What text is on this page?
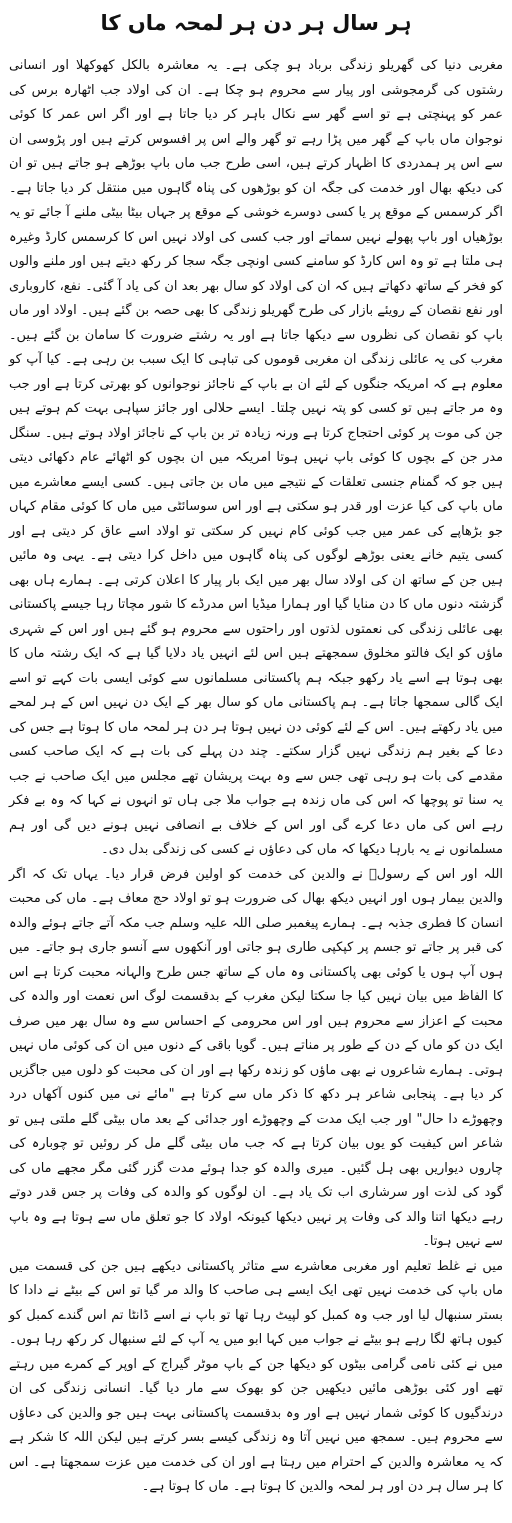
ہر سال ہر دن ہر لمحہ ماں کا

مغربی دنیا کی گھریلو زندگی برباد ہو چکی ہے۔ یہ معاشرہ بالکل کھوکھلا اور انسانی رشتوں کی گرمجوشی اور پیار سے محروم ہو چکا ہے۔ ان کی اولاد جب اٹھارہ برس کی عمر کو پہنچتی ہے تو اسے گھر سے نکال باہر کر دیا جاتا ہے اور اگر اس عمر کا کوئی نوجوان ماں باپ کے گھر میں پڑا رہے تو گھر والے اس پر افسوس کرتے ہیں اور پڑوسی ان سے اس پر ہمدردی کا اظہار کرتے ہیں، اسی طرح جب ماں باپ بوڑھے ہو جاتے ہیں تو ان کی دیکھ بھال اور خدمت کی جگہ ان کو بوڑھوں کی پناہ گاہوں میں منتقل کر دیا جاتا ہے۔ اگر کرسمس کے موقع پر یا کسی دوسرے خوشی کے موقع پر جہاں بیٹا بیٹی ملنے آ جائے تو یہ بوڑھیاں اور باپ پھولے نہیں سماتے اور جب کسی کی اولاد نہیں اس کا کرسمس کارڈ وغیرہ ہی ملتا ہے تو وہ اس کارڈ کو سامنے کسی اونچی جگہ سجا کر رکھ دیتے ہیں اور ملنے والوں کو فخر کے ساتھ دکھاتے ہیں کہ ان کی اولاد کو سال بھر بعد ان کی یاد آ گئی۔ نفع، کاروباری اور نفع نقصان کے رویئے بازار کی طرح گھریلو زندگی کا بھی حصہ بن گئے ہیں۔ اولاد اور ماں باپ کو نقصان کی نظروں سے دیکھا جاتا ہے اور یہ رشتے ضرورت کا سامان بن گئے ہیں۔ مغرب کی یہ عائلی زندگی ان مغربی قوموں کی تباہی کا ایک سبب بن رہی ہے۔ کیا آپ کو معلوم ہے کہ امریکہ جنگوں کے لئے ان بے باپ کے ناجائز نوجوانوں کو بھرتی کرتا ہے اور جب وہ مر جاتے ہیں تو کسی کو پتہ نہیں چلتا۔ ایسے حلالی اور جائز سپاہی بہت کم ہوتے ہیں جن کی موت پر کوئی احتجاج کرتا ہے ورنہ زیادہ تر بن باپ کے ناجائز اولاد ہوتے ہیں۔ سنگل مدر جن کے بچوں کا کوئی باپ نہیں ہوتا امریکہ میں ان بچوں کو اٹھائے عام دکھائی دیتی ہیں جو کہ گمنام جنسی تعلقات کے نتیجے میں ماں بن جاتی ہیں۔ کسی ایسے معاشرے میں ماں باپ کی کیا عزت اور قدر ہو سکتی ہے اور اس سوسائٹی میں ماں کا کوئی مقام کہاں جو بڑھاپے کی عمر میں جب کوئی کام نہیں کر سکتی تو اولاد اسے عاق کر دیتی ہے اور کسی یتیم خانے یعنی بوڑھے لوگوں کی پناہ گاہوں میں داخل کرا دیتی ہے۔ یہی وہ مائیں ہیں جن کے ساتھ ان کی اولاد سال بھر میں ایک بار پیار کا اعلان کرتی ہے۔ ہمارے ہاں بھی گزشتہ دنوں ماں کا دن منایا گیا اور ہمارا میڈیا اس مدرڈے کا شور مچاتا رہا جیسے پاکستانی بھی عائلی زندگی کی نعمتوں لذتوں اور راحتوں سے محروم ہو گئے ہیں اور اس کے شہری ماؤں کو ایک فالتو مخلوق سمجھتے ہیں اس لئے انہیں یاد دلایا گیا ہے کہ ایک رشتہ ماں کا بھی ہوتا ہے اسے یاد رکھو جبکہ ہم پاکستانی مسلمانوں سے کوئی ایسی بات کہے تو اسے ایک گالی سمجھا جاتا ہے۔ ہم پاکستانی ماں کو سال بھر کے ایک دن نہیں اس کے ہر لمحے میں یاد رکھتے ہیں۔ اس کے لئے کوئی دن نہیں ہوتا ہر دن ہر لمحہ ماں کا ہوتا ہے جس کی دعا کے بغیر ہم زندگی نہیں گزار سکتے۔ چند دن پہلے کی بات ہے کہ ایک صاحب کسی مقدمے کی بات ہو رہی تھی جس سے وہ بہت پریشان تھے مجلس میں ایک صاحب نے جب یہ سنا تو پوچھا کہ اس کی ماں زندہ ہے جواب ملا جی ہاں تو انہوں نے کہا کہ وہ بے فکر رہے اس کی ماں دعا کرے گی اور اس کے خلاف بے انصافی نہیں ہونے دیں گی اور ہم مسلمانوں نے یہ بارہا دیکھا کہ ماں کی دعاؤں نے کسی کی زندگی بدل دی۔

اللہ اور اس کے رسولؐ نے والدین کی خدمت کو اولین فرض قرار دیا۔ یہاں تک کہ اگر والدین بیمار ہوں اور انہیں دیکھ بھال کی ضرورت ہو تو اولاد حج معاف ہے۔ ماں کی محبت انسان کا فطری جذبہ ہے۔ ہمارے پیغمبر صلی اللہ علیہ وسلم جب مکہ آتے جاتے ہوئے والدہ کی قبر پر جاتے تو جسم پر کپکپی طاری ہو جاتی اور آنکھوں سے آنسو جاری ہو جاتے۔ میں ہوں آپ ہوں یا کوئی بھی پاکستانی وہ ماں کے ساتھ جس طرح والہانہ محبت کرتا ہے اس کا الفاظ میں بیان نہیں کیا جا سکتا لیکن مغرب کے بدقسمت لوگ اس نعمت اور والدہ کی محبت کے اعزاز سے محروم ہیں اور اس محرومی کے احساس سے وہ سال بھر میں صرف ایک دن کو ماں کے دن کے طور پر مناتے ہیں۔ گویا باقی کے دنوں میں ان کی کوئی ماں نہیں ہوتی۔ ہمارے شاعروں نے بھی ماؤں کو زندہ رکھا ہے اور ان کی محبت کو دلوں میں جاگزیں کر دیا ہے۔ پنجابی شاعر ہر دکھ کا ذکر ماں سے کرتا ہے "مائے نی میں کنوں آکھاں درد وچھوڑے دا حال" اور جب ایک مدت کے وچھوڑے اور جدائی کے بعد ماں بیٹی گلے ملتی ہیں تو شاعر اس کیفیت کو یوں بیان کرتا ہے کہ جب ماں بیٹی گلے مل کر روئیں تو چوبارہ کی چاروں دیواریں بھی ہل گئیں۔ میری والدہ کو جدا ہوئے مدت گزر گئی مگر مجھے ماں کی گود کی لذت اور سرشاری اب تک یاد ہے۔ ان لوگوں کو والدہ کی وفات پر جس قدر دوتے رہے دیکھا اتنا والد کی وفات پر نہیں دیکھا کیونکہ اولاد کا جو تعلق ماں سے ہوتا ہے وہ باپ سے نہیں ہوتا۔

میں نے غلط تعلیم اور مغربی معاشرے سے متاثر پاکستانی دیکھے ہیں جن کی قسمت میں ماں باپ کی خدمت نہیں تھی ایک ایسے ہی صاحب کا والد مر گیا تو اس کے بیٹے نے دادا کا بستر سنبھال لیا اور جب وہ کمبل کو لپیٹ رہا تھا تو باپ نے اسے ڈانٹا تم اس گندے کمبل کو کیوں ہاتھ لگا رہے ہو بیٹے نے جواب میں کہا ابو میں یہ آپ کے لئے سنبھال کر رکھ رہا ہوں۔ میں نے کئی نامی گرامی بیٹوں کو دیکھا جن کے باپ موٹر گیراج کے اوپر کے کمرے میں رہتے تھے اور کئی بوڑھی مائیں دیکھیں جن کو بھوک سے مار دیا گیا۔ انسانی زندگی کی ان درندگیوں کا کوئی شمار نہیں ہے اور وہ بدقسمت پاکستانی بہت ہیں جو والدین کی دعاؤں سے محروم ہیں۔ سمجھ میں نہیں آتا وہ زندگی کیسے بسر کرتے ہیں لیکن اللہ کا شکر ہے کہ یہ معاشرہ والدین کے احترام میں رہتا ہے اور ان کی خدمت میں عزت سمجھتا ہے۔ اس کا ہر سال ہر دن اور ہر لمحہ والدین کا ہوتا ہے۔ ماں کا ہوتا ہے۔
